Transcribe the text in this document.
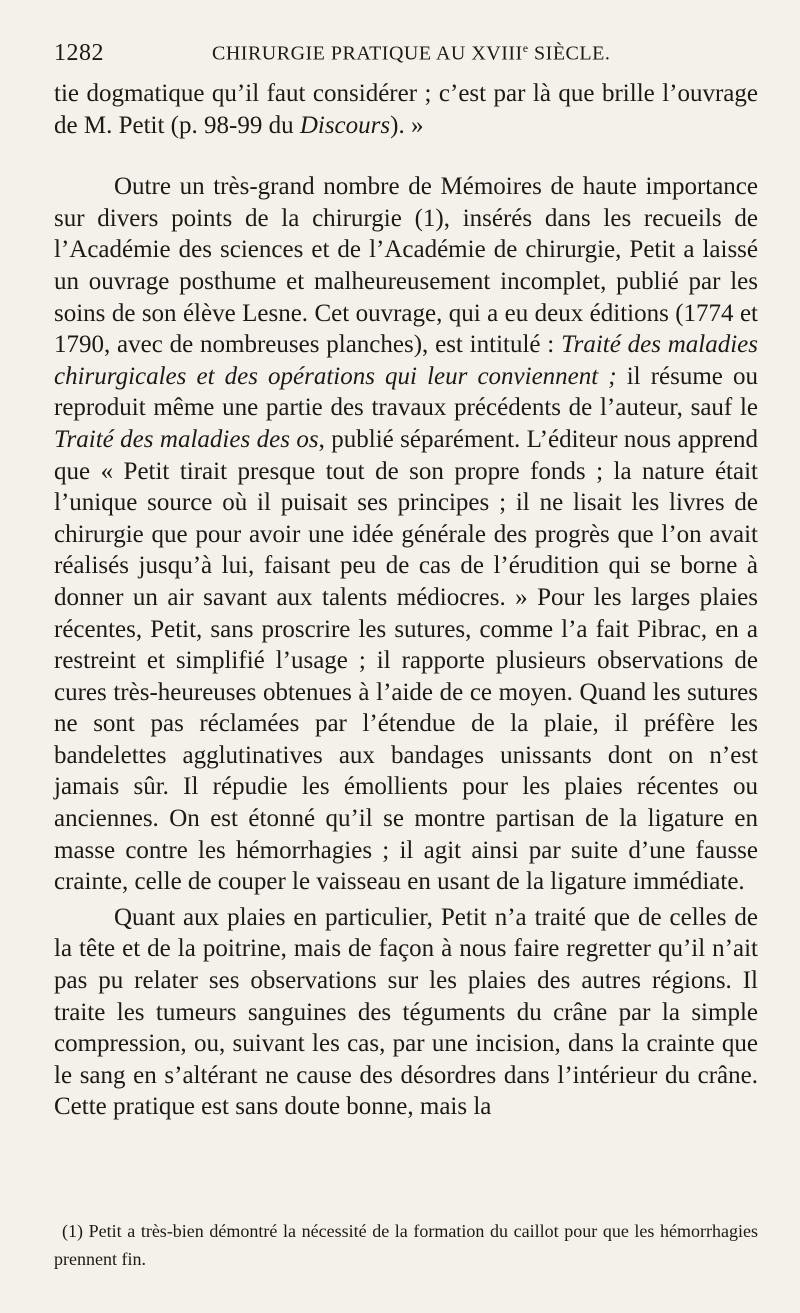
1282	CHIRURGIE PRATIQUE AU XVIIIe SIÈCLE.

tie dogmatique qu’il faut considérer ; c’est par là que brille l’ouvrage de M. Petit (p. 98-99 du Discours). »

Outre un très-grand nombre de Mémoires de haute importance sur divers points de la chirurgie (1), insérés dans les recueils de l’Académie des sciences et de l’Académie de chirurgie, Petit a laissé un ouvrage posthume et malheureusement incomplet, publié par les soins de son élève Lesne. Cet ouvrage, qui a eu deux éditions (1774 et 1790, avec de nombreuses planches), est intitulé : Traité des maladies chirurgicales et des opérations qui leur conviennent ; il résume ou reproduit même une partie des travaux précédents de l’auteur, sauf le Traité des maladies des os, publié séparément. L’éditeur nous apprend que « Petit tirait presque tout de son propre fonds ; la nature était l’unique source où il puisait ses principes ; il ne lisait les livres de chirurgie que pour avoir une idée générale des progrès que l’on avait réalisés jusqu’à lui, faisant peu de cas de l’érudition qui se borne à donner un air savant aux talents médiocres. » Pour les larges plaies récentes, Petit, sans proscrire les sutures, comme l’a fait Pibrac, en a restreint et simplifié l’usage ; il rapporte plusieurs observations de cures très-heureuses obtenues à l’aide de ce moyen. Quand les sutures ne sont pas réclamées par l’étendue de la plaie, il préfère les bandelettes agglutinatives aux bandages unissants dont on n’est jamais sûr. Il répudie les émollients pour les plaies récentes ou anciennes. On est étonné qu’il se montre partisan de la ligature en masse contre les hémorrhagies ; il agit ainsi par suite d’une fausse crainte, celle de couper le vaisseau en usant de la ligature immédiate.

Quant aux plaies en particulier, Petit n’a traité que de celles de la tête et de la poitrine, mais de façon à nous faire regretter qu’il n’ait pas pu relater ses observations sur les plaies des autres régions. Il traite les tumeurs sanguines des téguments du crâne par la simple compression, ou, suivant les cas, par une incision, dans la crainte que le sang en s’altérant ne cause des désordres dans l’intérieur du crâne. Cette pratique est sans doute bonne, mais la

(1) Petit a très-bien démontré la nécessité de la formation du caillot pour que les hémorrhagies prennent fin.
